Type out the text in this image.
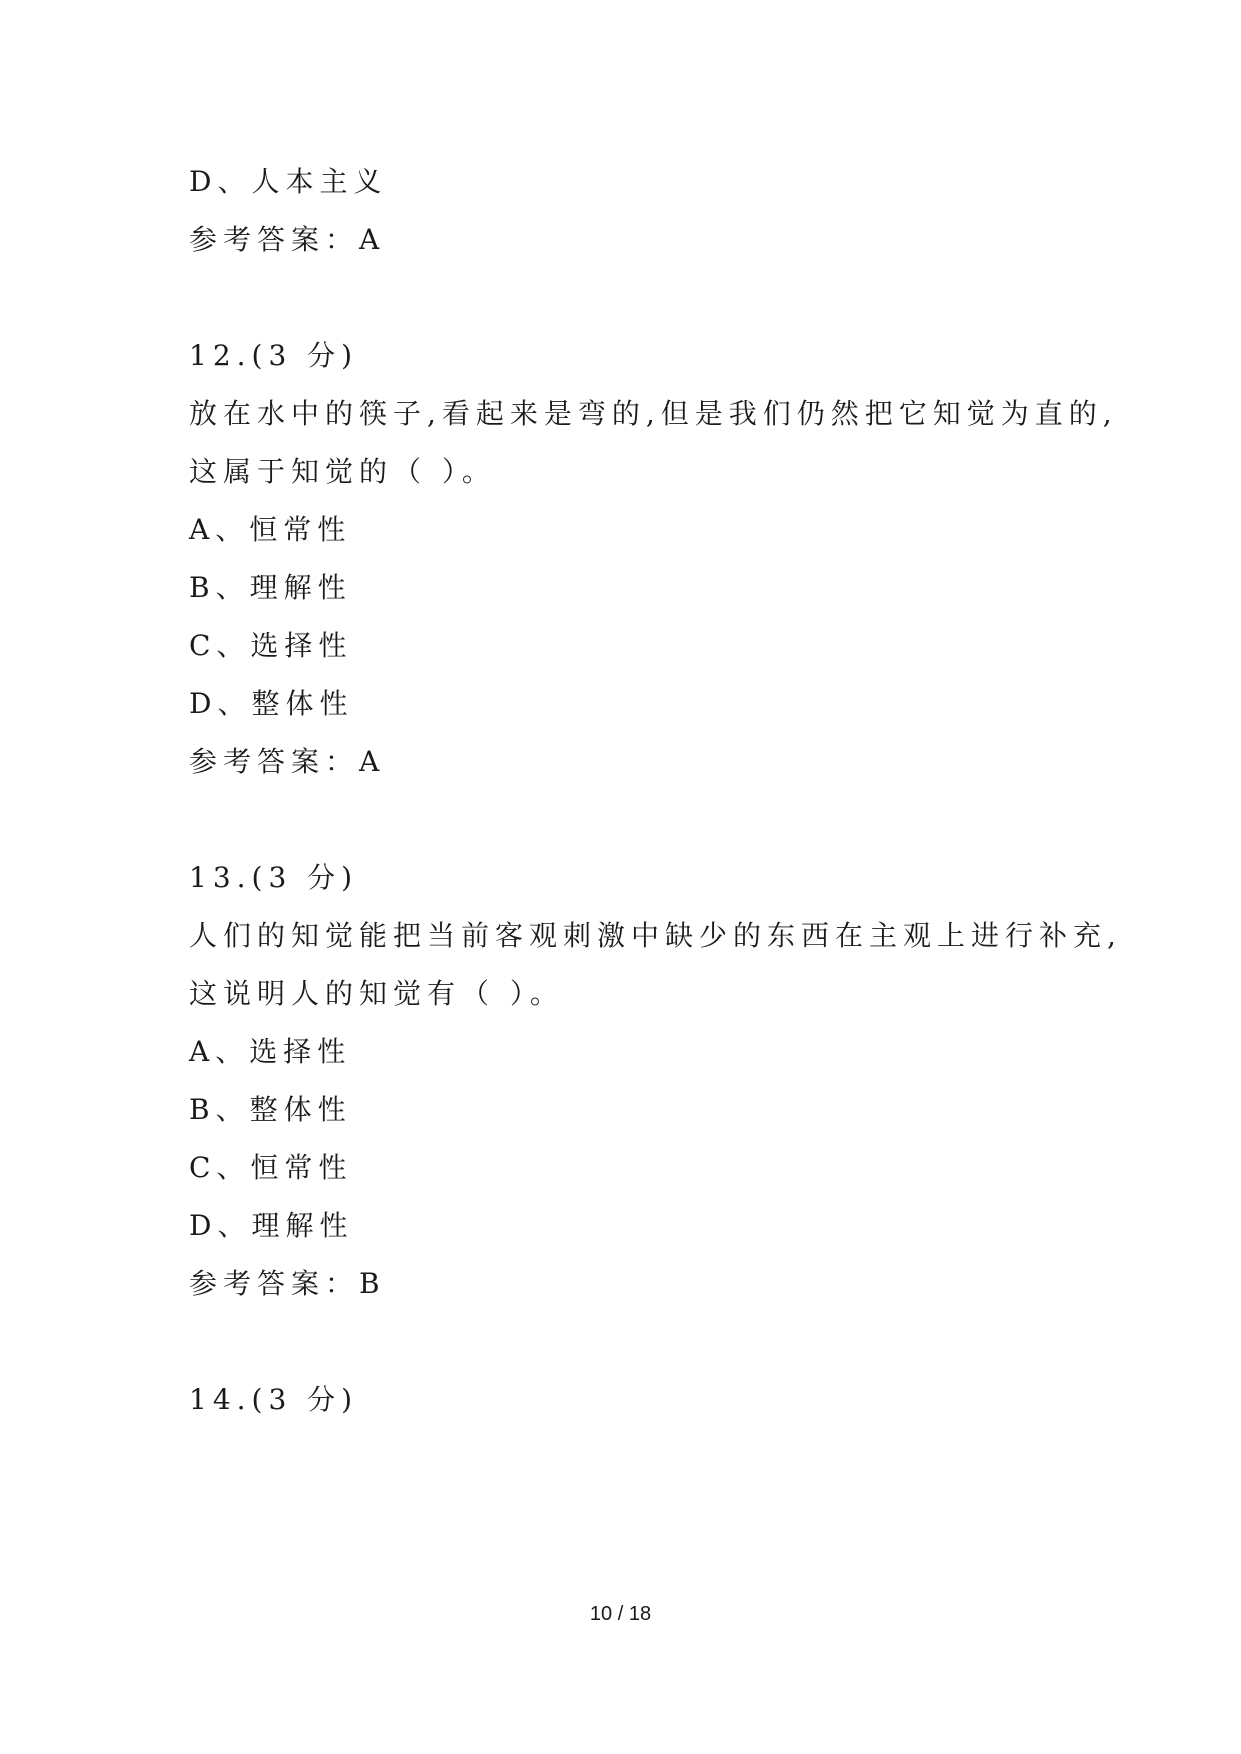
D、人本主义
参考答案：A
12.(3 分)
放在水中的筷子,看起来是弯的,但是我们仍然把它知觉为直的,
这属于知觉的（ ）。
A、恒常性
B、理解性
C、选择性
D、整体性
参考答案：A
13.(3 分)
人们的知觉能把当前客观刺激中缺少的东西在主观上进行补充,
这说明人的知觉有（ ）。
A、选择性
B、整体性
C、恒常性
D、理解性
参考答案：B
14.(3 分)
10 / 18
